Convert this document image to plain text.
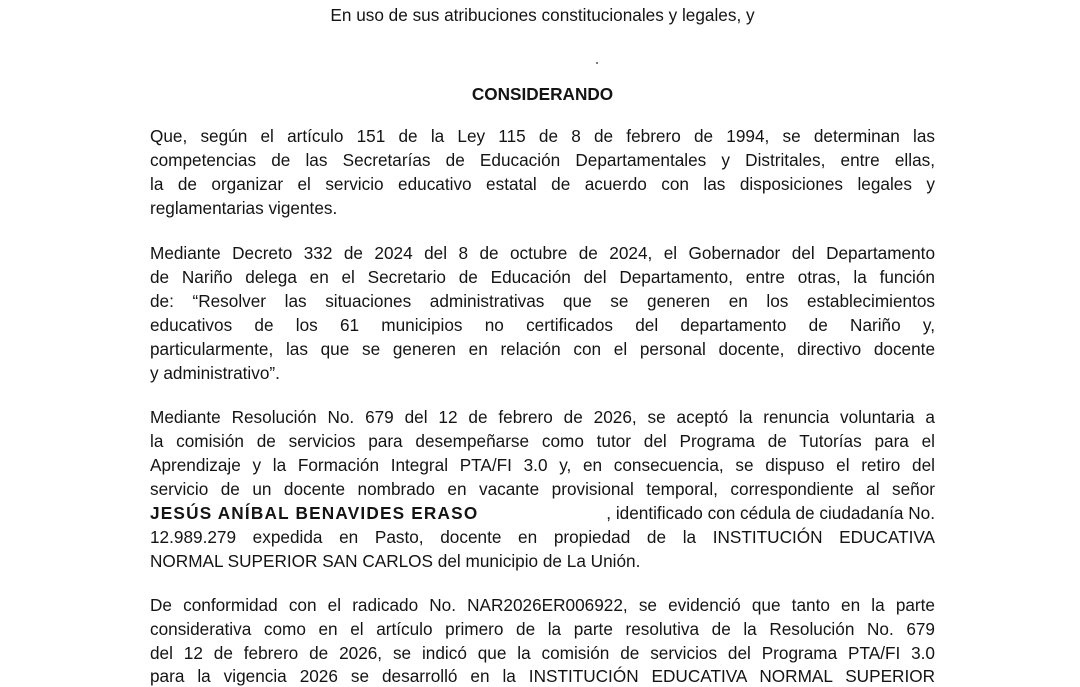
En uso de sus atribuciones constitucionales y legales, y
CONSIDERANDO
Que, según el artículo 151 de la Ley 115 de 8 de febrero de 1994, se determinan las
competencias de las Secretarías de Educación Departamentales y Distritales, entre ellas,
la de organizar el servicio educativo estatal de acuerdo con las disposiciones legales y
reglamentarias vigentes.
Mediante Decreto 332 de 2024 del 8 de octubre de 2024, el Gobernador del Departamento
de Nariño delega en el Secretario de Educación del Departamento, entre otras, la función
de: “Resolver las situaciones administrativas que se generen en los establecimientos
educativos de los 61 municipios no certificados del departamento de Nariño y,
particularmente, las que se generen en relación con el personal docente, directivo docente
y administrativo”.
Mediante Resolución No. 679 del 12 de febrero de 2026, se aceptó la renuncia voluntaria a
la comisión de servicios para desempeñarse como tutor del Programa de Tutorías para el
Aprendizaje y la Formación Integral PTA/FI 3.0 y, en consecuencia, se dispuso el retiro del
servicio de un docente nombrado en vacante provisional temporal, correspondiente al señor
JESÚS ANÍBAL BENAVIDES ERASO	, identificado con cédula de ciudadanía No.
12.989.279 expedida en Pasto, docente en propiedad de la INSTITUCIÓN EDUCATIVA
NORMAL SUPERIOR SAN CARLOS del municipio de La Unión.
De conformidad con el radicado No. NAR2026ER006922, se evidenció que tanto en la parte
considerativa como en el artículo primero de la parte resolutiva de la Resolución No. 679
del 12 de febrero de 2026, se indicó que la comisión de servicios del Programa PTA/FI 3.0
para la vigencia 2026 se desarrolló en la INSTITUCIÓN EDUCATIVA NORMAL SUPERIOR
